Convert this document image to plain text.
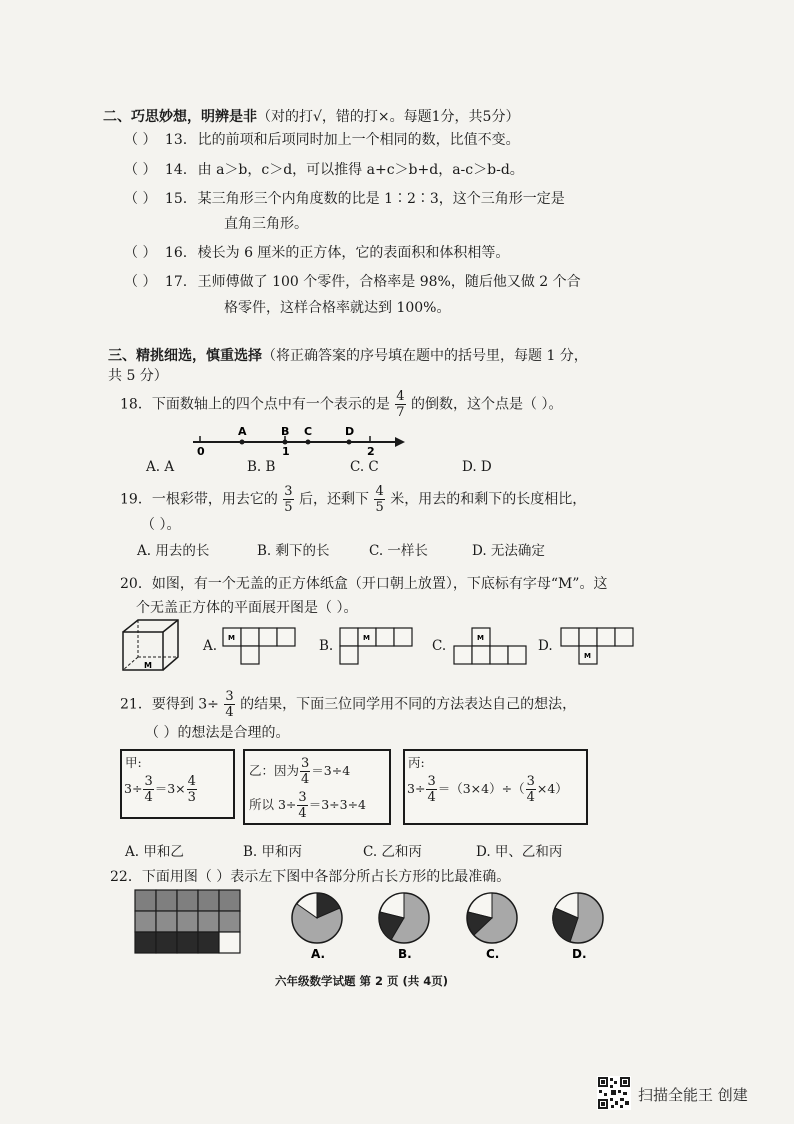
二、巧思妙想，明辨是非（对的打√，错的打×。每题1分，共5分）
（ ） 13. 比的前项和后项同时加上一个相同的数，比值不变。
（ ） 14. 由 a＞b，c＞d，可以推得 a+c＞b+d，a-c＞b-d。
（ ） 15. 某三角形三个内角度数的比是 1∶2∶3，这个三角形一定是
直角三角形。
（ ） 16. 棱长为 6 厘米的正方体，它的表面积和体积相等。
（ ） 17. 王师傅做了 100 个零件，合格率是 98%，随后他又做 2 个合
格零件，这样合格率就达到 100%。
三、精挑细选，慎重选择（将正确答案的序号填在题中的括号里，每题 1 分，
共 5 分）
18．下面数轴上的四个点中有一个表示的是 $\frac{4}{7}$ 的倒数，这个点是（ ）。
A	B C	D
0	1	2
A. A	B. B	C. C	D. D
19．一根彩带，用去它的 $\frac{3}{5}$ 后，还剩下 $\frac{4}{5}$ 米，用去的和剩下的长度相比，
（ ）。
A. 用去的长	B. 剩下的长	C. 一样长	D. 无法确定
20．如图，有一个无盖的正方体纸盒（开口朝上放置），下底标有字母“M”。这
个无盖正方体的平面展开图是（ ）。
M
A. M	B.	M	C.	M	D.
M
21．要得到 $3\div \frac{3}{4}$ 的结果，下面三位同学用不同的方法表达自己的想法，
（ ）的想法是合理的。
甲:
$3\div \frac{3}{4} =3\times \frac{4}{3}$
乙：因为 $\frac{3}{4} =3\div 4$
所以 $3\div \frac{3}{4} =3\div 3\div 4$
丙:
$3\div \frac{3}{4} =(3\times 4)\div( \frac{3}{4} \times 4)$
A. 甲和乙	B. 甲和丙	C. 乙和丙	D. 甲、乙和丙
22．下面用图（ ）表示左下图中各部分所占长方形的比最准确。
A.	B.	C.	D.
六年级数学试题 第 2 页 (共 4页)
扫描全能王 创建
